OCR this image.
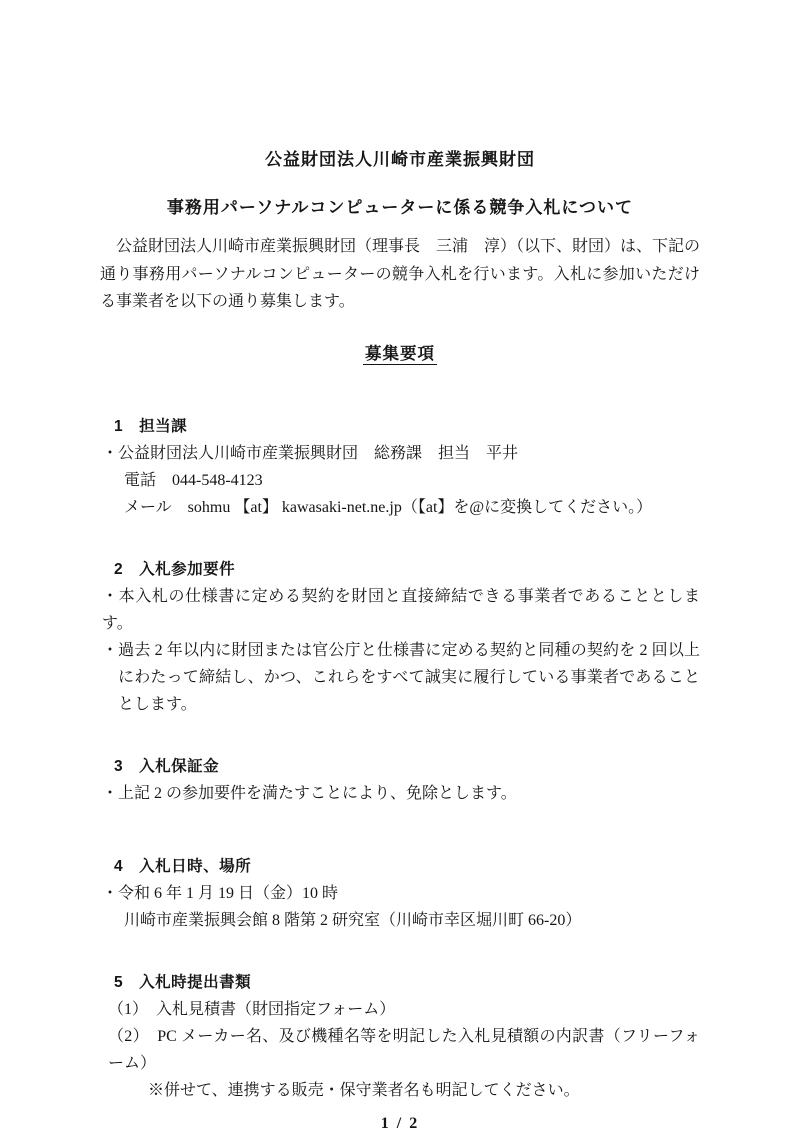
公益財団法人川崎市産業振興財団

事務用パーソナルコンピューターに係る競争入札について

公益財団法人川崎市産業振興財団（理事長　三浦　淳）（以下、財団）は、下記の通り事務用パーソナルコンピューターの競争入札を行います。入札に参加いただける事業者を以下の通り募集します。

募集要項

1　担当課

・公益財団法人川崎市産業振興財団　総務課　担当　平井

電話　044-548-4123

メール　sohmu 【at】 kawasaki-net.ne.jp（【at】を@に変換してください。）

2　入札参加要件

・本入札の仕様書に定める契約を財団と直接締結できる事業者であることとします。

・過去 2 年以内に財団または官公庁と仕様書に定める契約と同種の契約を 2 回以上にわたって締結し、かつ、これらをすべて誠実に履行している事業者であることとします。

3　入札保証金

・上記 2 の参加要件を満たすことにより、免除とします。

4　入札日時、場所

・令和 6 年 1 月 19 日（金）10 時

川崎市産業振興会館 8 階第 2 研究室（川崎市幸区堀川町 66-20）

5　入札時提出書類

（1）　入札見積書（財団指定フォーム）

（2）　PC メーカー名、及び機種名等を明記した入札見積額の内訳書（フリーフォーム）

※併せて、連携する販売・保守業者名も明記してください。

1 / 2
